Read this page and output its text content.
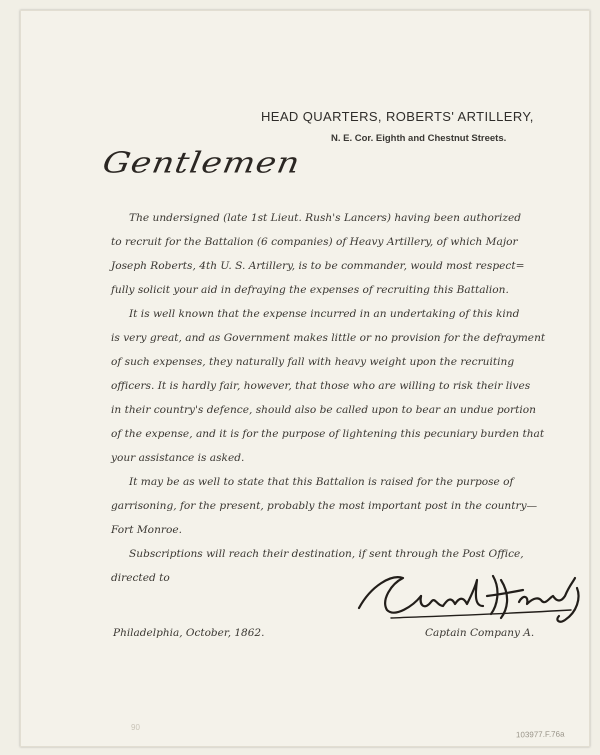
HEAD QUARTERS, ROBERTS' ARTILLERY,
N. E. Cor. Eighth and Chestnut Streets.
Gentlemen
The undersigned (late 1st Lieut. Rush's Lancers) having been authorized
to recruit for the Battalion (6 companies) of Heavy Artillery, of which Major
Joseph Roberts, 4th U. S. Artillery, is to be commander, would most respect=
fully solicit your aid in defraying the expenses of recruiting this Battalion.
It is well known that the expense incurred in an undertaking of this kind
is very great, and as Government makes little or no provision for the defrayment
of such expenses, they naturally fall with heavy weight upon the recruiting
officers. It is hardly fair, however, that those who are willing to risk their lives
in their country's defence, should also be called upon to bear an undue portion
of the expense, and it is for the purpose of lightening this pecuniary burden that
your assistance is asked.
It may be as well to state that this Battalion is raised for the purpose of
garrisoning, for the present, probably the most important post in the country—
Fort Monroe.
Subscriptions will reach their destination, if sent through the Post Office,
directed to
Philadelphia, October, 1862.	Captain Company A.
90
103977.F.76a
